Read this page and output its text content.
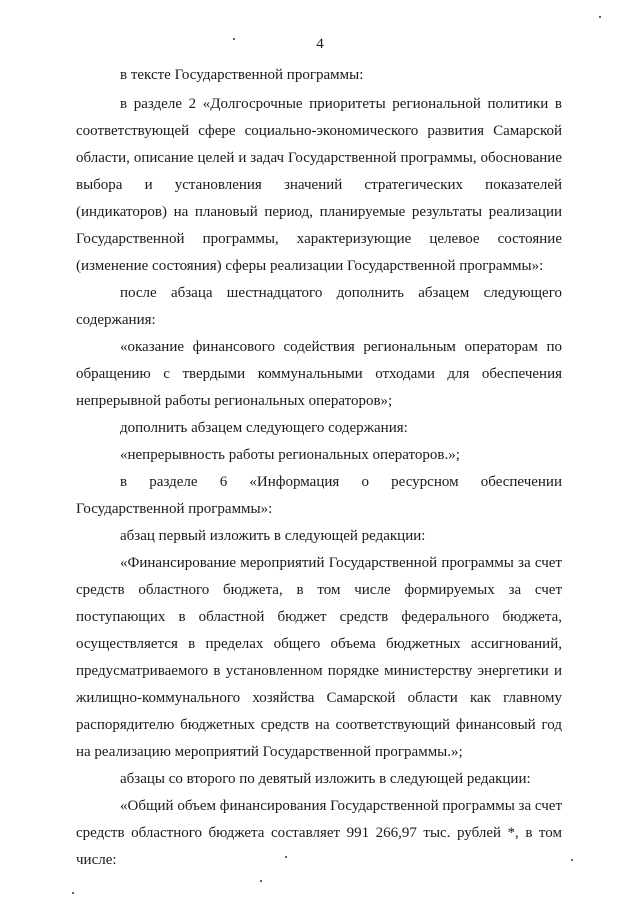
4

в тексте Государственной программы:

в разделе 2 «Долгосрочные приоритеты региональной политики в соответствующей сфере социально-экономического развития Самарской области, описание целей и задач Государственной программы, обоснование выбора и установления значений стратегических показателей (индикаторов) на плановый период, планируемые результаты реализации Государственной программы, характеризующие целевое состояние (изменение состояния) сферы реализации Государственной программы»:

после абзаца шестнадцатого дополнить абзацем следующего содержания:

«оказание финансового содействия региональным операторам по обращению с твердыми коммунальными отходами для обеспечения непрерывной работы региональных операторов»;

дополнить абзацем следующего содержания:

«непрерывность работы региональных операторов.»;

в разделе 6 «Информация о ресурсном обеспечении Государственной программы»:

абзац первый изложить в следующей редакции:

«Финансирование мероприятий Государственной программы за счет средств областного бюджета, в том числе формируемых за счет поступающих в областной бюджет средств федерального бюджета, осуществляется в пределах общего объема бюджетных ассигнований, предусматриваемого в установленном порядке министерству энергетики и жилищно-коммунального хозяйства Самарской области как главному распорядителю бюджетных средств на соответствующий финансовый год на реализацию мероприятий Государственной программы.»;

абзацы со второго по девятый изложить в следующей редакции:

«Общий объем финансирования Государственной программы за счет средств областного бюджета составляет 991 266,97 тыс. рублей *, в том числе:
